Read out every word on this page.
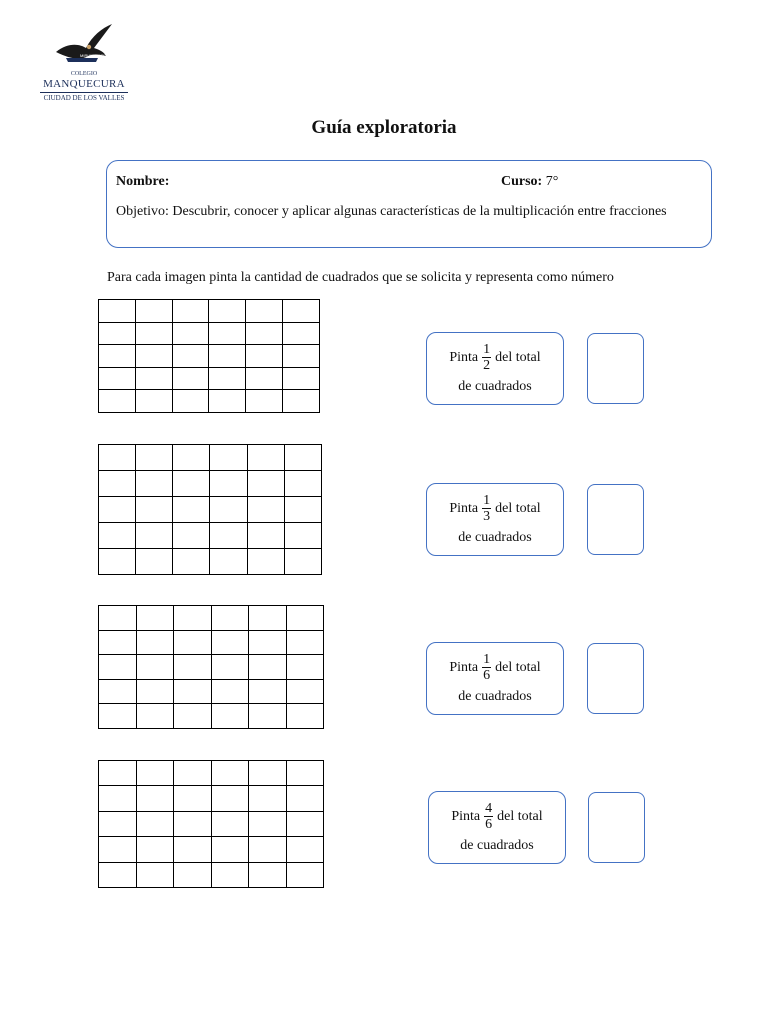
MIRUM DUCIT
COLEGIO
MANQUECURA
CIUDAD DE LOS VALLES
Guía exploratoria
Nombre:	Curso: 7°
Objetivo: Descubrir, conocer y aplicar algunas características de la multiplicación entre fracciones
Para cada imagen pinta la cantidad de cuadrados que se solicita y representa como número

Pinta $\frac{1}{2}$ del total
de cuadrados
Pinta $\frac{1}{3}$ del total
de cuadrados
Pinta $\frac{1}{6}$ del total
de cuadrados
Pinta $\frac{4}{6}$ del total
de cuadrados
